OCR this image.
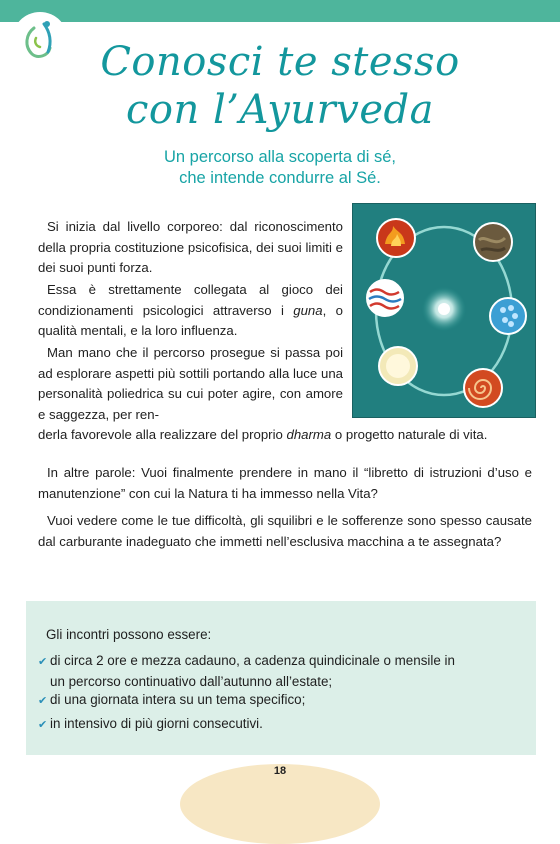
Conosci te stesso
con l’Ayurveda
Un percorso alla scoperta di sé,
che intende condurre al Sé.

Si inizia dal livello corporeo: dal riconoscimento della propria costituzione psicofisica, dei suoi limiti e dei suoi punti forza.

Essa è strettamente collegata al gioco dei condizionamenti psicologici attraverso i guna, o qualità mentali, e la loro influenza.

Man mano che il percorso prosegue si passa poi ad esplorare aspetti più sottili portando alla luce una personalità poliedrica su cui poter agire, con amore e saggezza, per ren-

derla favorevole alla realizzare del proprio dharma o progetto naturale di vita.

In altre parole: Vuoi finalmente prendere in mano il “libretto di istruzioni d’uso e manutenzione” con cui la Natura ti ha immesso nella Vita?

Vuoi vedere come le tue difficoltà, gli squilibri e le sofferenze sono spesso causate dal carburante inadeguato che immetti nell’esclusiva macchina a te assegnata?

Gli incontri possono essere:
✔ di circa 2 ore e mezza cadauno, a cadenza quindicinale o mensile in
un percorso continuativo dall’autunno all’estate;
✔ di una giornata intera su un tema specifico;
✔ in intensivo di più giorni consecutivi.
18
